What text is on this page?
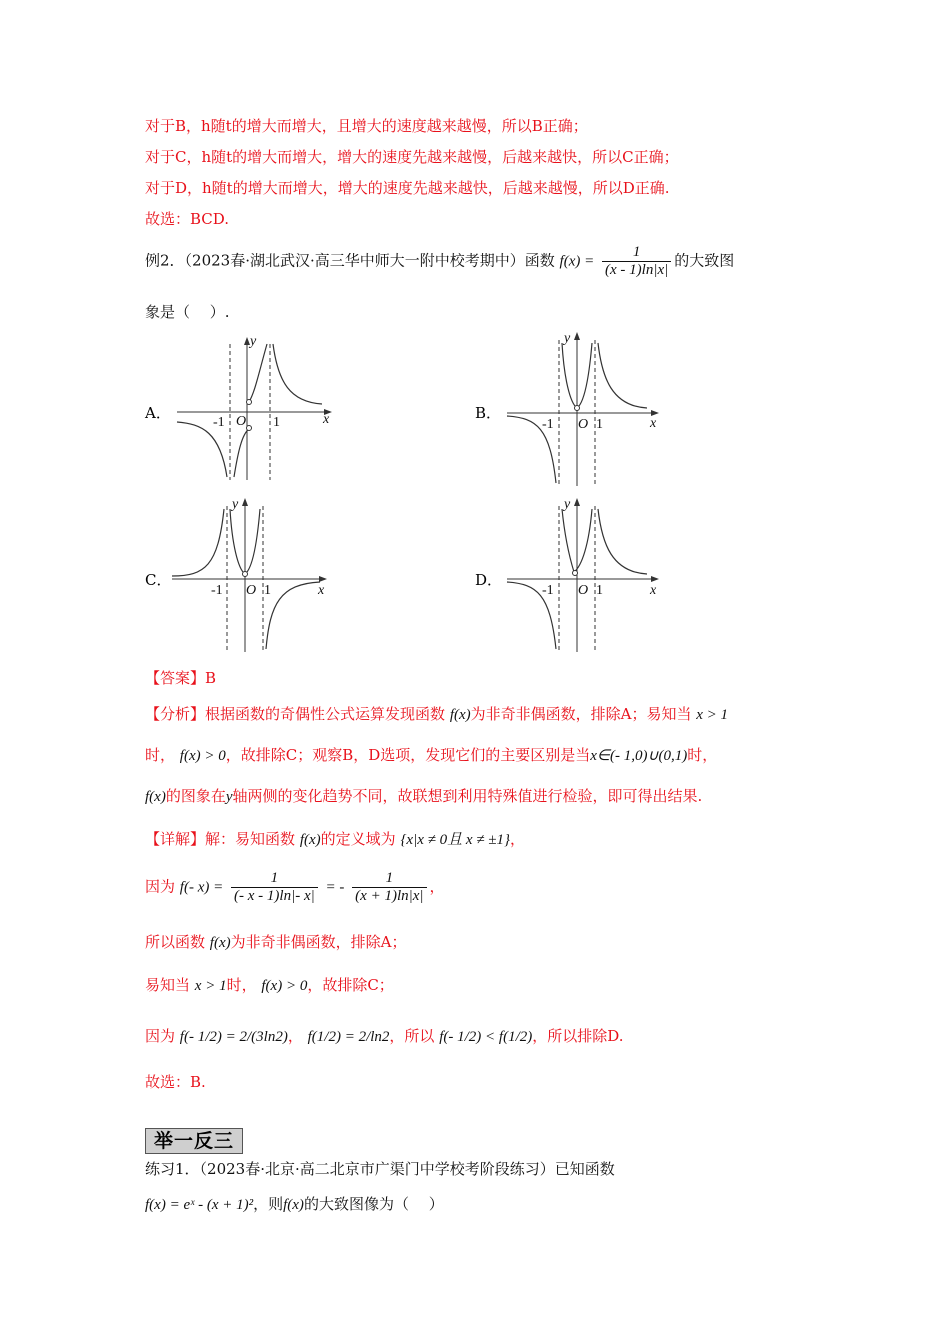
对于B，h随t的增大而增大，且增大的速度越来越慢，所以B正确；
对于C，h随t的增大而增大，增大的速度先越来越慢，后越来越快，所以C正确；
对于D，h随t的增大而增大，增大的速度先越来越快，后越来越慢，所以D正确.
故选：BCD.
例2．（2023春·湖北武汉·高三华中师大一附中校考期中）函数 $f(x) = \frac{1}{(x - 1)\ln|x|}$ 的大致图
象是（　 ）.
A．	B．
C．	D．
y
x
O
-1	1
y
x
O
-1	1
y
x
O
-1	1
y
x
O
-1	1
【答案】B
【分析】根据函数的奇偶性公式运算发现函数 f(x)为非奇非偶函数，排除A；易知当 x > 1
时， f(x) > 0，故排除C；观察B，D选项，发现它们的主要区别是当x∈(- 1,0)∪(0,1)时，
f(x)的图象在y轴两侧的变化趋势不同，故联想到利用特殊值进行检验，即可得出结果.
【详解】解：易知函数 f(x)的定义域为 {x|x ≠ 0且 x ≠ ±1}，
因为 f(- $x) = \frac{1}{(- x - 1)\ln|- x|}$ = - $\frac{1}{(x + 1)\ln|x|}$ ，
所以函数 f(x)为非奇非偶函数，排除A；
易知当 x > 1时， f(x) > 0，故排除C；
因为 f(- 1/2) = 2/(3ln2)， f(1/2) = 2/ln2，所以 f(- 1/2) < f(1/2)，所以排除D.
故选：B.
举一反三
练习1．（2023春·北京·高二北京市广渠门中学校考阶段练习）已知函数
f(x) = eˣ - (x + 1)²，则f(x)的大致图像为（　 ）
